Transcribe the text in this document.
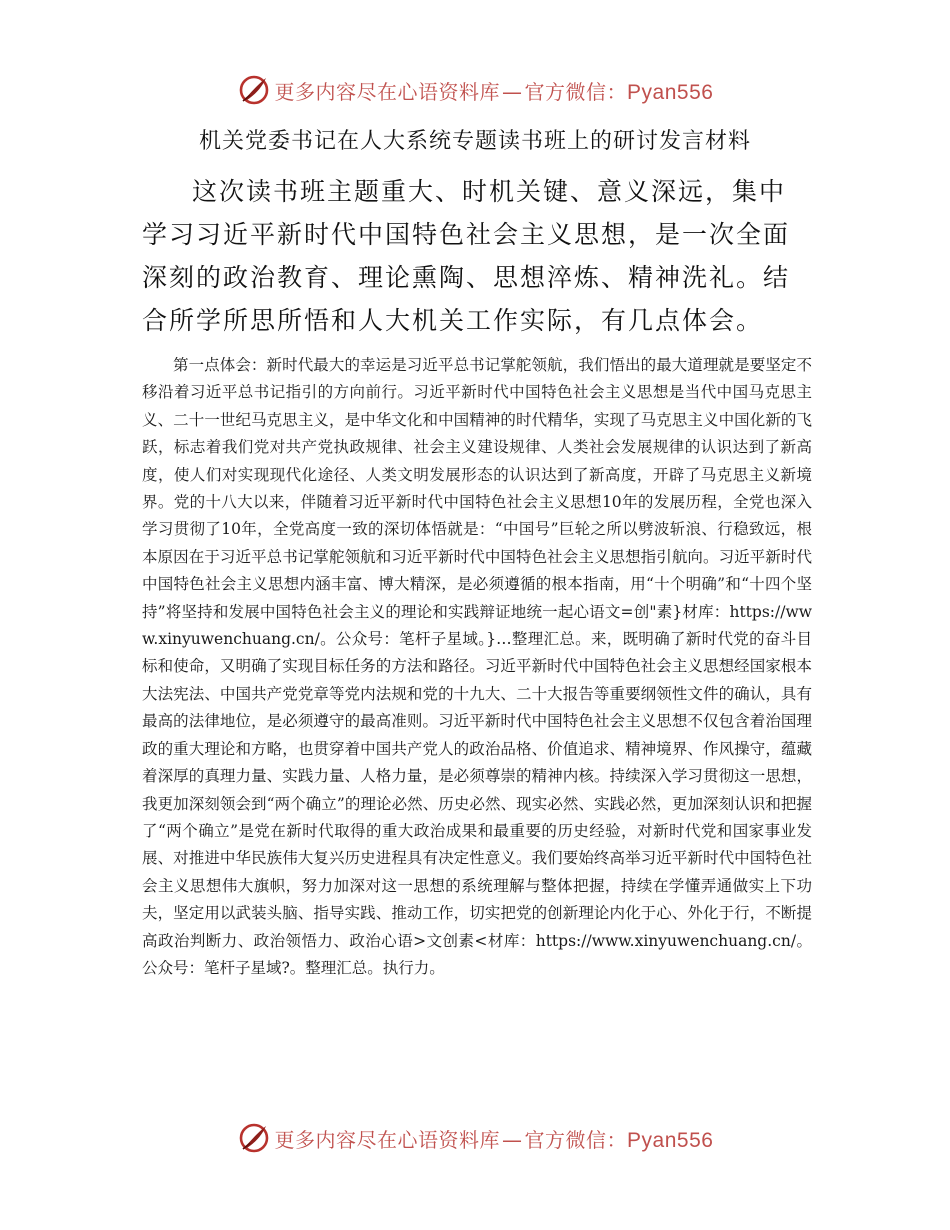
更多内容尽在心语资料库 — 官方微信：Pyan556
机关党委书记在人大系统专题读书班上的研讨发言材料

这次读书班主题重大、时机关键、意义深远，集中学习习近平新时代中国特色社会主义思想，是一次全面深刻的政治教育、理论熏陶、思想淬炼、精神洗礼。结合所学所思所悟和人大机关工作实际，有几点体会。

第一点体会：新时代最大的幸运是习近平总书记掌舵领航，我们悟出的最大道理就是要坚定不移沿着习近平总书记指引的方向前行。习近平新时代中国特色社会主义思想是当代中国马克思主义、二十一世纪马克思主义，是中华文化和中国精神的时代精华，实现了马克思主义中国化新的飞跃，标志着我们党对共产党执政规律、社会主义建设规律、人类社会发展规律的认识达到了新高度，使人们对实现现代化途径、人类文明发展形态的认识达到了新高度，开辟了马克思主义新境界。党的十八大以来，伴随着习近平新时代中国特色社会主义思想10年的发展历程，全党也深入学习贯彻了10年，全党高度一致的深切体悟就是：“中国号”巨轮之所以劈波斩浪、行稳致远，根本原因在于习近平总书记掌舵领航和习近平新时代中国特色社会主义思想指引航向。习近平新时代中国特色社会主义思想内涵丰富、博大精深，是必须遵循的根本指南，用“十个明确”和“十四个坚持”将坚持和发展中国特色社会主义的理论和实践辩证地统一起心语文=创"素}材库：https://www.xinyuwenchuang.cn/。公众号：笔杆子星域。}…整理汇总。来，既明确了新时代党的奋斗目标和使命，又明确了实现目标任务的方法和路径。习近平新时代中国特色社会主义思想经国家根本大法宪法、中国共产党党章等党内法规和党的十九大、二十大报告等重要纲领性文件的确认，具有最高的法律地位，是必须遵守的最高准则。习近平新时代中国特色社会主义思想不仅包含着治国理政的重大理论和方略，也贯穿着中国共产党人的政治品格、价值追求、精神境界、作风操守，蕴藏着深厚的真理力量、实践力量、人格力量，是必须尊崇的精神内核。持续深入学习贯彻这一思想，我更加深刻领会到“两个确立”的理论必然、历史必然、现实必然、实践必然，更加深刻认识和把握了“两个确立”是党在新时代取得的重大政治成果和最重要的历史经验，对新时代党和国家事业发展、对推进中华民族伟大复兴历史进程具有决定性意义。我们要始终高举习近平新时代中国特色社会主义思想伟大旗帜，努力加深对这一思想的系统理解与整体把握，持续在学懂弄通做实上下功夫，坚定用以武装头脑、指导实践、推动工作，切实把党的创新理论内化于心、外化于行，不断提高政治判断力、政治领悟力、政治心语>文创素<材库：https://www.xinyuwenchuang.cn/。公众号：笔杆子星域?。整理汇总。执行力。

更多内容尽在心语资料库 — 官方微信：Pyan556
